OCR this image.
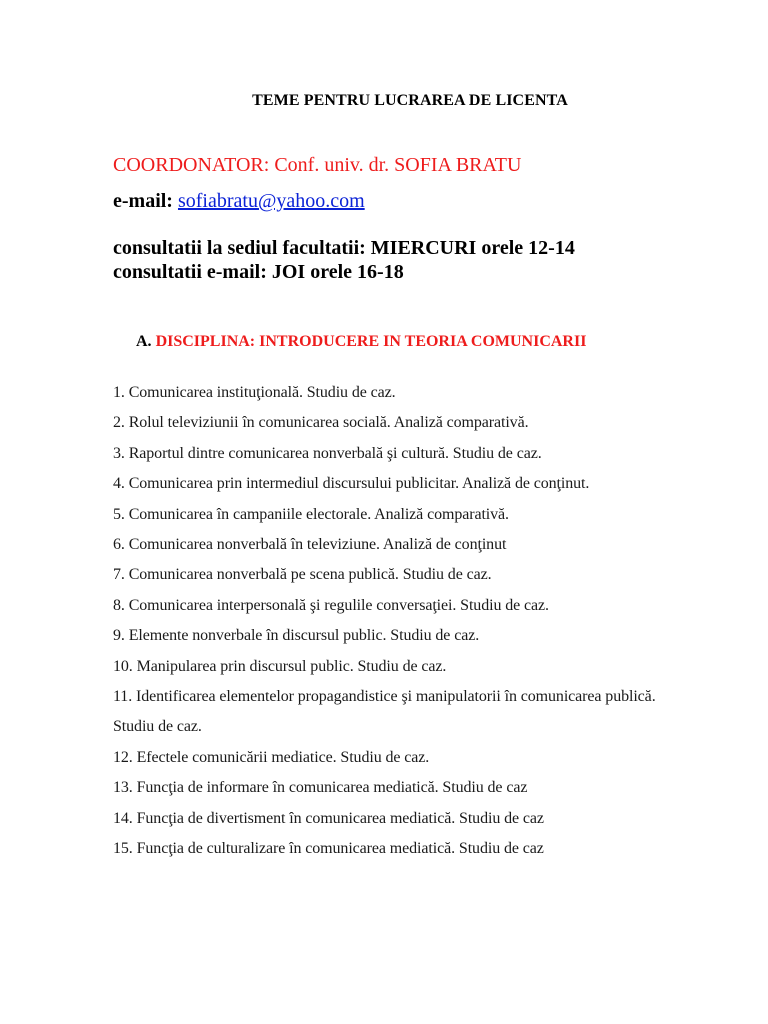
TEME PENTRU LUCRAREA DE LICENTA
COORDONATOR: Conf. univ. dr. SOFIA BRATU
e-mail: sofiabratu@yahoo.com
consultatii la sediul facultatii: MIERCURI orele 12-14
consultatii e-mail: JOI orele 16-18
A. DISCIPLINA: INTRODUCERE IN TEORIA COMUNICARII
1. Comunicarea instituţională. Studiu de caz.
2. Rolul televiziunii în comunicarea socială. Analiză comparativă.
3. Raportul dintre comunicarea nonverbală şi cultură. Studiu de caz.
4. Comunicarea prin intermediul discursului publicitar. Analiză de conţinut.
5. Comunicarea în campaniile electorale. Analiză comparativă.
6. Comunicarea nonverbală în televiziune. Analiză de conţinut
7. Comunicarea nonverbală pe scena publică. Studiu de caz.
8. Comunicarea interpersonală şi regulile conversaţiei. Studiu de caz.
9. Elemente nonverbale în discursul public. Studiu de caz.
10. Manipularea prin discursul public. Studiu de caz.
11. Identificarea elementelor propagandistice şi manipulatorii în comunicarea publică.
Studiu de caz.
12. Efectele comunicării mediatice. Studiu de caz.
13. Funcţia de informare în comunicarea mediatică. Studiu de caz
14. Funcţia de divertisment în comunicarea mediatică. Studiu de caz
15. Funcţia de culturalizare în comunicarea mediatică. Studiu de caz
